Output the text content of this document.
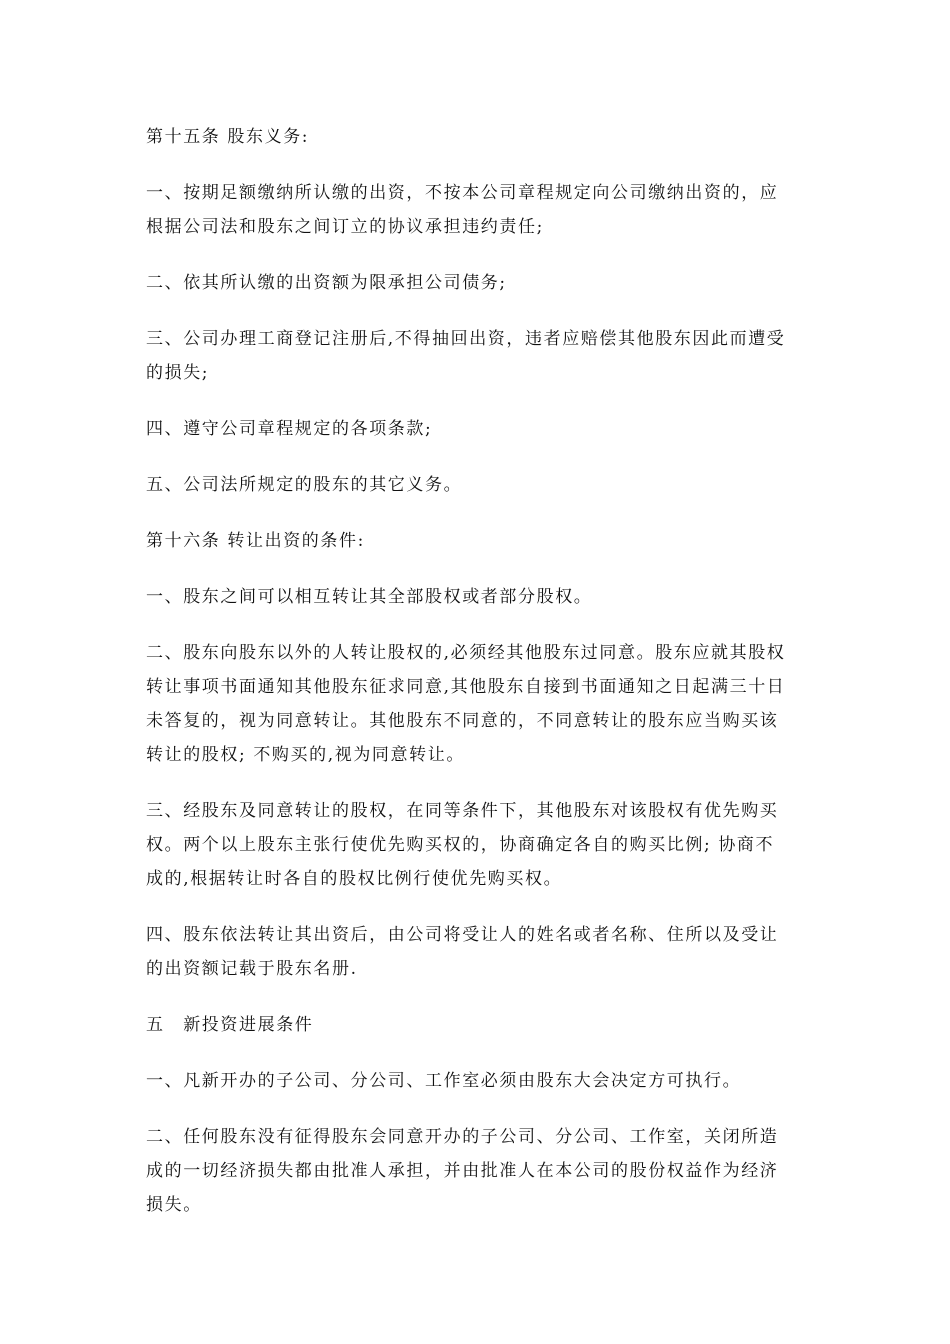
第十五条 股东义务:

一、按期足额缴纳所认缴的出资，不按本公司章程规定向公司缴纳出资的，应
根据公司法和股东之间订立的协议承担违约责任;

二、依其所认缴的出资额为限承担公司债务;

三、公司办理工商登记注册后,不得抽回出资，违者应赔偿其他股东因此而遭受
的损失;

四、遵守公司章程规定的各项条款;

五、公司法所规定的股东的其它义务。

第十六条 转让出资的条件:

一、股东之间可以相互转让其全部股权或者部分股权。

二、股东向股东以外的人转让股权的,必须经其他股东过同意。股东应就其股权
转让事项书面通知其他股东征求同意,其他股东自接到书面通知之日起满三十日
未答复的，视为同意转让。其他股东不同意的，不同意转让的股东应当购买该
转让的股权; 不购买的,视为同意转让。

三、经股东及同意转让的股权，在同等条件下，其他股东对该股权有优先购买
权。两个以上股东主张行使优先购买权的，协商确定各自的购买比例; 协商不
成的,根据转让时各自的股权比例行使优先购买权。

四、股东依法转让其出资后，由公司将受让人的姓名或者名称、住所以及受让
的出资额记载于股东名册.

五　新投资进展条件

一、凡新开办的子公司、分公司、工作室必须由股东大会决定方可执行。

二、任何股东没有征得股东会同意开办的子公司、分公司、工作室，关闭所造
成的一切经济损失都由批准人承担，并由批准人在本公司的股份权益作为经济
损失。
